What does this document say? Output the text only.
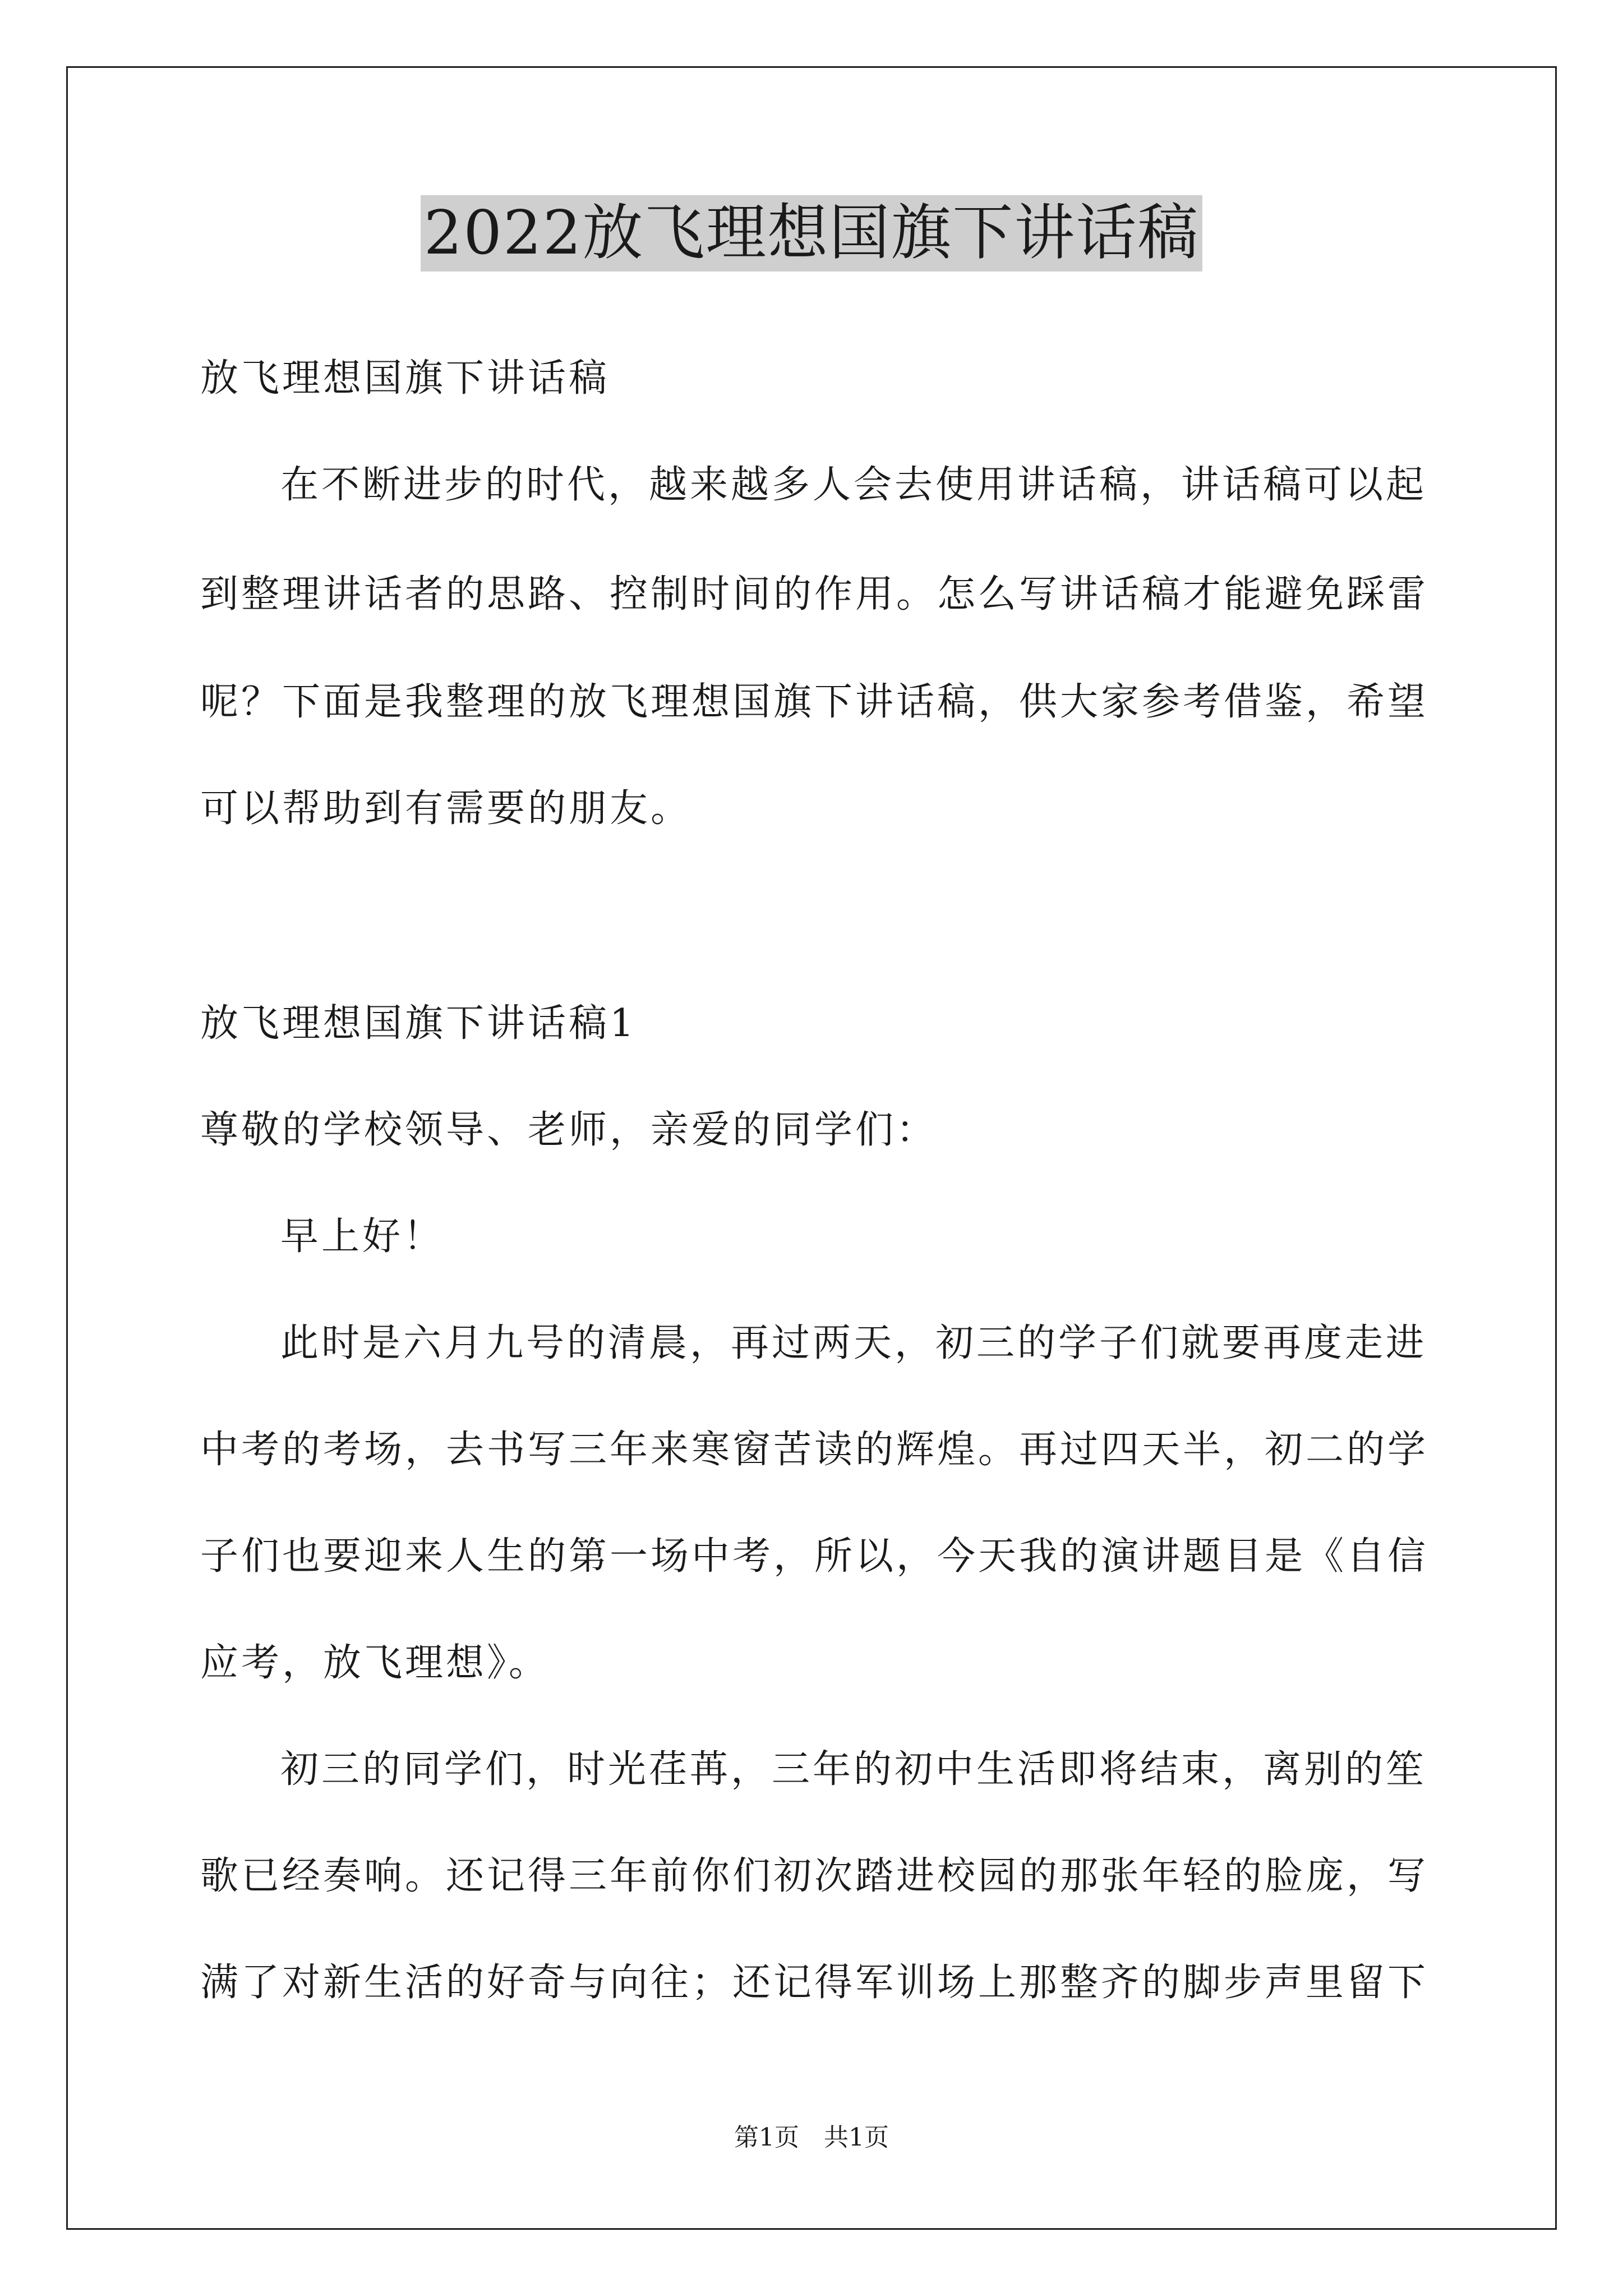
2022放飞理想国旗下讲话稿
放飞理想国旗下讲话稿
在不断进步的时代，越来越多人会去使用讲话稿，讲话稿可以起
到整理讲话者的思路、控制时间的作用。怎么写讲话稿才能避免踩雷
呢？下面是我整理的放飞理想国旗下讲话稿，供大家参考借鉴，希望
可以帮助到有需要的朋友。
放飞理想国旗下讲话稿1
尊敬的学校领导、老师，亲爱的同学们：
早上好！
此时是六月九号的清晨，再过两天，初三的学子们就要再度走进
中考的考场，去书写三年来寒窗苦读的辉煌。再过四天半，初二的学
子们也要迎来人生的第一场中考，所以，今天我的演讲题目是《自信
应考，放飞理想》。
初三的同学们，时光荏苒，三年的初中生活即将结束，离别的笙
歌已经奏响。还记得三年前你们初次踏进校园的那张年轻的脸庞，写
满了对新生活的好奇与向往；还记得军训场上那整齐的脚步声里留下
第1页　共1页
